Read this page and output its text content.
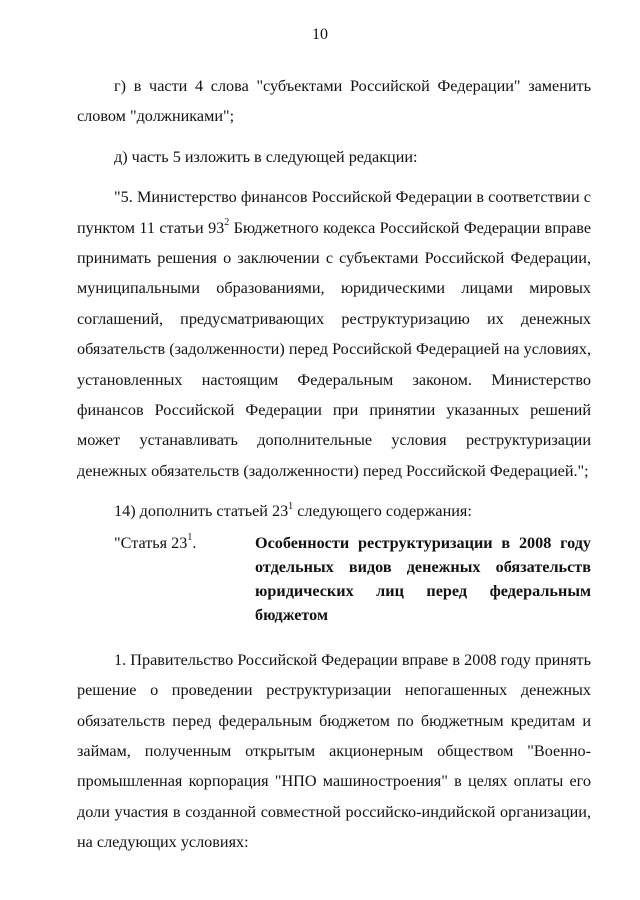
10

г) в части 4 слова "субъектами Российской Федерации" заменить словом "должниками";

д) часть 5 изложить в следующей редакции:

"5. Министерство финансов Российской Федерации в соответствии с пунктом 11 статьи $93^2$ Бюджетного кодекса Российской Федерации вправе принимать решения о заключении с субъектами Российской Федерации, муниципальными образованиями, юридическими лицами мировых соглашений, предусматривающих реструктуризацию их денежных обязательств (задолженности) перед Российской Федерацией на условиях, установленных настоящим Федеральным законом. Министерство финансов Российской Федерации при принятии указанных решений может устанавливать дополнительные условия реструктуризации денежных обязательств (задолженности) перед Российской Федерацией.";

14) дополнить статьей $23^1$ следующего содержания:

"Статья $23^1$.	Особенности реструктуризации в 2008 году отдельных видов денежных обязательств юридических лиц перед федеральным бюджетом

1. Правительство Российской Федерации вправе в 2008 году принять решение о проведении реструктуризации непогашенных денежных обязательств перед федеральным бюджетом по бюджетным кредитам и займам, полученным открытым акционерным обществом "Военно-промышленная корпорация "НПО машиностроения" в целях оплаты его доли участия в созданной совместной российско-индийской организации, на следующих условиях:
